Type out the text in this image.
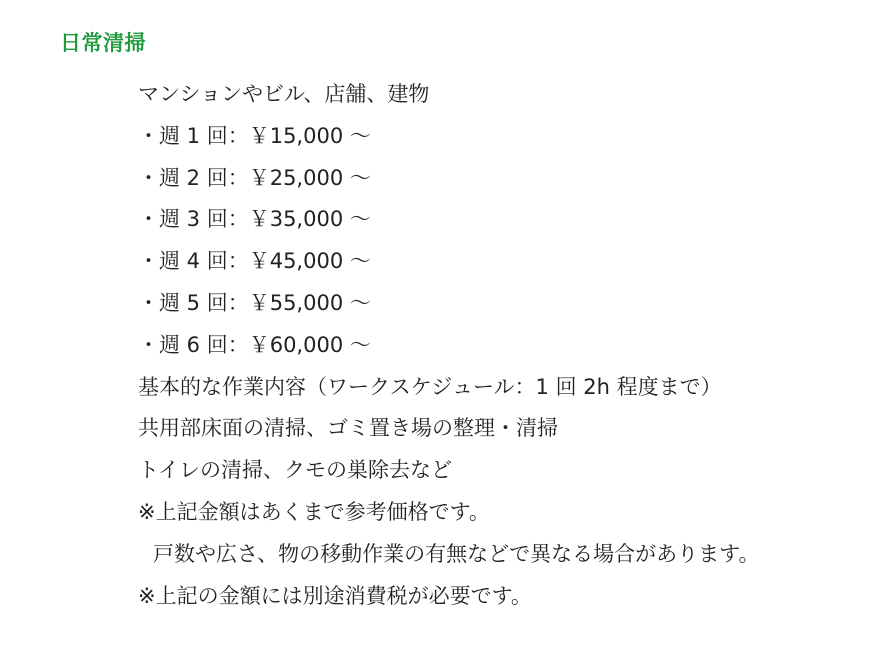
日常清掃
マンションやビル、店舗、建物
・週 1 回：￥15,000 ～
・週 2 回：￥25,000 ～
・週 3 回：￥35,000 ～
・週 4 回：￥45,000 ～
・週 5 回：￥55,000 ～
・週 6 回：￥60,000 ～
基本的な作業内容（ワークスケジュール：1 回 2h 程度まで）
共用部床面の清掃、ゴミ置き場の整理・清掃
トイレの清掃、クモの巣除去など
※上記金額はあくまで参考価格です。
戸数や広さ、物の移動作業の有無などで異なる場合があります。
※上記の金額には別途消費税が必要です。
